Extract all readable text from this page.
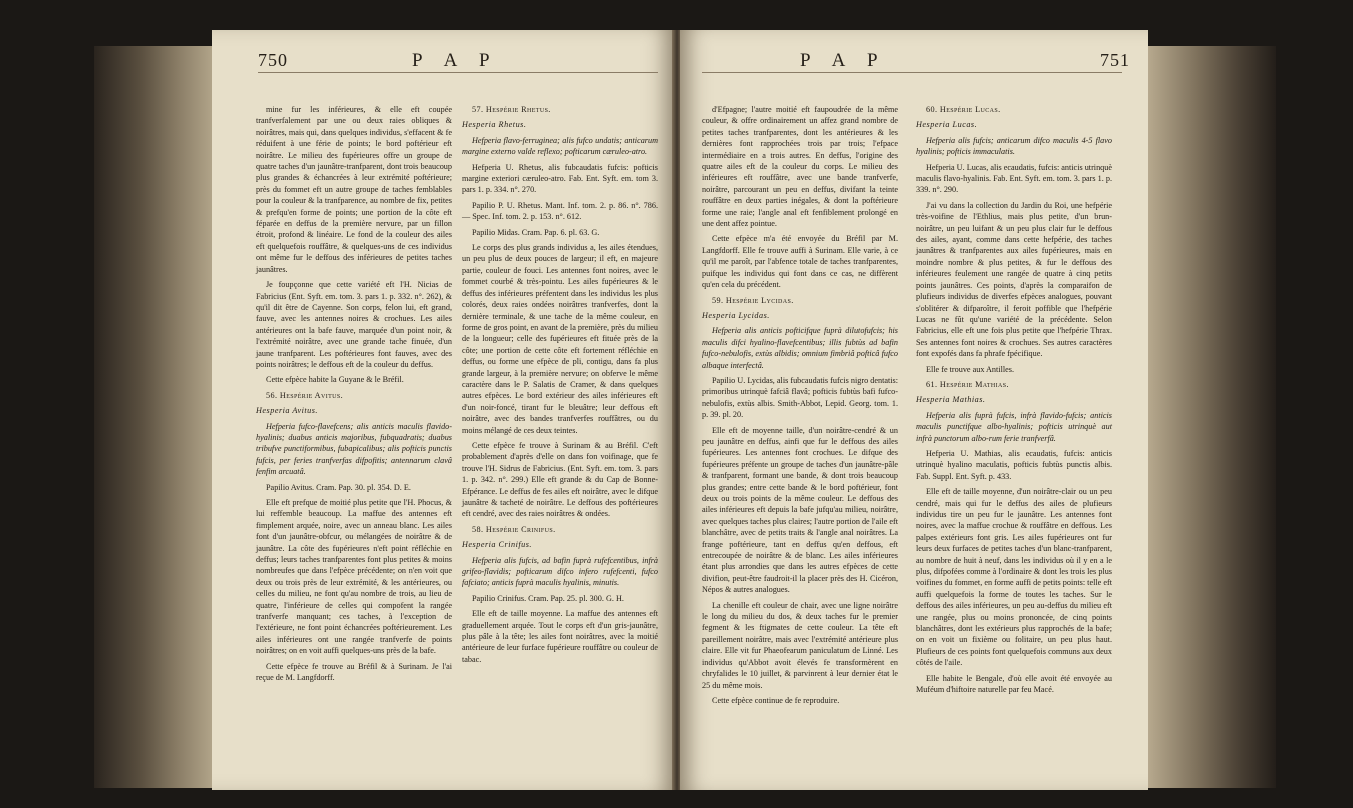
750	P A P

mine fur les inférieures, & elle eft coupée tranfverfalement par une ou deux raies obliques & noirâtres, mais qui, dans quelques individus, s'effacent & fe réduifent à une férie de points; le bord poftérieur eft noirâtre. Le milieu des fupérieures offre un groupe de quatre taches d'un jaunâtre-tranfparent, dont trois beaucoup plus grandes & échancrées à leur extrémité poftérieure; près du fommet eft un autre groupe de taches femblables pour la couleur & la tranfparence, au nombre de fix, petites & prefqu'en forme de points; une portion de la côte eft féparée en deffus de la première nervure, par un fillon étroit, profond & linéaire. Le fond de la couleur des ailes eft quelquefois rouffâtre, & quelques-uns de ces individus ont même fur le deffous des inférieures de petites taches jaunâtres.

Je foupçonne que cette variété eft l'H. Nicias de Fabricius (Ent. Syft. em. tom. 3. pars 1. p. 332. n°. 262), & qu'il dit être de Cayenne. Son corps, felon lui, eft grand, fauve, avec les antennes noires & crochues. Les ailes antérieures ont la bafe fauve, marquée d'un point noir, & l'extrémité noirâtre, avec une grande tache finuée, d'un jaune tranfparent. Les poftérieures font fauves, avec des points noirâtres; le deffous eft de la couleur du deffus.

Cette efpèce habite la Guyane & le Bréfil.

56. Hespérie Avitus.

Hesperia Avitus.

Hefperia fufco-flavefcens; alis anticis maculis flavido-hyalinis; duabus anticis majoribus, fubquadratis; duabus tribufve punctiformibus, fubapicalibus; alis pofticis punctis fufcis, per feries tranfverfas difpofitis; antennarum clavâ fenfim arcuatâ.

Papilio Avitus. Cram. Pap. 30. pl. 354. D. E.

Elle eft prefque de moitié plus petite que l'H. Phocus, & lui reffemble beaucoup. La maffue des antennes eft fimplement arquée, noire, avec un anneau blanc. Les ailes font d'un jaunâtre-obfcur, ou mélangées de noirâtre & de jaunâtre. La côte des fupérieures n'eft point réfléchie en deffus; leurs taches tranfparentes font plus petites & moins nombreufes que dans l'efpèce précédente; on n'en voit que deux ou trois près de leur extrémité, & les antérieures, ou celles du milieu, ne font qu'au nombre de trois, au lieu de quatre, l'inférieure de celles qui compofent la rangée tranfverfe manquant; ces taches, à l'exception de l'extérieure, ne font point échancrées poftérieurement. Les ailes inférieures ont une rangée tranfverfe de points noirâtres; on en voit auffi quelques-uns près de la bafe.

Cette efpèce fe trouve au Bréfil & à Surinam. Je l'ai reçue de M. Langfdorff.

57. Hespérie Rhetus.

Hesperia Rhetus.

Hefperia flavo-ferruginea; alis fufco undatis; anticarum margine externo valde reflexo; pofticarum cæruleo-atro.

Hefperia U. Rhetus, alis fubcaudatis fufcis: pofticis margine exteriori cæruleo-atro. Fab. Ent. Syft. em. tom 3. pars 1. p. 334. n°. 270.

Papilio P. U. Rhetus. Mant. Inf. tom. 2. p. 86. n°. 786. — Spec. Inf. tom. 2. p. 153. n°. 612.

Papilio Midas. Cram. Pap. 6. pl. 63. G.

Le corps des plus grands individus a, les ailes étendues, un peu plus de deux pouces de largeur; il eft, en majeure partie, couleur de fouci. Les antennes font noires, avec le fommet courbé & très-pointu. Les ailes fupérieures & le deffus des inférieures préfentent dans les individus les plus colorés, deux raies ondées noirâtres tranfverfes, dont la dernière terminale, & une tache de la même couleur, en forme de gros point, en avant de la première, près du milieu de la longueur; celle des fupérieures eft fituée près de la côte; une portion de cette côte eft fortement réfléchie en deffus, ou forme une efpèce de pli, contigu, dans fa plus grande largeur, à la première nervure; on obferve le même caractère dans le P. Salatis de Cramer, & dans quelques autres efpèces. Le bord extérieur des ailes inférieures eft d'un noir-foncé, tirant fur le bleuâtre; leur deffous eft noirâtre, avec des bandes tranfverfes rouffâtres, ou du moins mélangé de ces deux teintes.

Cette efpèce fe trouve à Surinam & au Bréfil. C'eft probablement d'après d'elle on dans fon voifinage, que fe trouve l'H. Sidrus de Fabricius. (Ent. Syft. em. tom. 3. pars 1. p. 342. n°. 299.) Elle eft grande & du Cap de Bonne-Efpérance. Le deffus de fes ailes eft noirâtre, avec le difque jaunâtre & tacheté de noirâtre. Le deffous des poftérieures eft cendré, avec des raies noirâtres & ondées.

58. Hespérie Crinifus.

Hesperia Crinifus.

Hefperia alis fufcis, ad bafin fuprà rufefcentibus, infrà grifeo-flavidis; pofticarum difco infero rufefcenti, fufco fafciato; anticis fuprà maculis hyalinis, minutis.

Papilio Crinifus. Cram. Pap. 25. pl. 300. G. H.

Elle eft de taille moyenne. La maffue des antennes eft graduellement arquée. Tout le corps eft d'un gris-jaunâtre, plus pâle à la tête; les ailes font noirâtres, avec la moitié antérieure de leur furface fupérieure rouffâtre ou couleur de tabac.

P A P	751

d'Efpagne; l'autre moitié eft faupoudrée de la même couleur, & offre ordinairement un affez grand nombre de petites taches tranfparentes, dont les antérieures & les dernières font rapprochées trois par trois; l'efpace intermédiaire en a trois autres. En deffus, l'origine des quatre ailes eft de la couleur du corps. Le milieu des inférieures eft rouffâtre, avec une bande tranfverfe, noirâtre, parcourant un peu en deffus, divifant la teinte rouffâtre en deux parties inégales, & dont la poftérieure forme une raie; l'angle anal eft fenfiblement prolongé en une dent affez pointue.

Cette efpèce m'a été envoyée du Bréfil par M. Langfdorff. Elle fe trouve auffi à Surinam. Elle varie, à ce qu'il me paroît, par l'abfence totale de taches tranfparentes, puifque les individus qui font dans ce cas, ne diffèrent qu'en cela du précédent.

59. Hespérie Lycidas.

Hesperia Lycidas.

Hefperia alis anticis pofticifque fuprà dilutofufcis; his maculis difci hyalino-flavefcentibus; illis fubtùs ad bafin fufco-nebulofis, extùs albidis; omnium fimbriâ pofticâ fufco albaque interfectâ.

Papilio U. Lycidas, alis fubcaudatis fufcis nigro dentatis: primoribus utrinquè fafciâ flavâ; pofticis fubtùs bafi fufco-nebulofis, extùs albis. Smith-Abbot, Lepid. Georg. tom. 1. p. 39. pl. 20.

Elle eft de moyenne taille, d'un noirâtre-cendré & un peu jaunâtre en deffus, ainfi que fur le deffous des ailes fupérieures. Les antennes font crochues. Le difque des fupérieures préfente un groupe de taches d'un jaunâtre-pâle & tranfparent, formant une bande, & dont trois beaucoup plus grandes; entre cette bande & le bord poftérieur, font deux ou trois points de la même couleur. Le deffous des ailes inférieures eft depuis la bafe jufqu'au milieu, noirâtre, avec quelques taches plus claires; l'autre portion de l'aile eft blanchâtre, avec de petits traits & l'angle anal noirâtres. La frange poftérieure, tant en deffus qu'en deffous, eft entrecoupée de noirâtre & de blanc. Les ailes inférieures étant plus arrondies que dans les autres efpèces de cette divifion, peut-être faudroit-il la placer près des H. Cicéron, Népos & autres analogues.

La chenille eft couleur de chair, avec une ligne noirâtre le long du milieu du dos, & deux taches fur le premier fegment & les ftigmates de cette couleur. La tête eft pareillement noirâtre, mais avec l'extrémité antérieure plus claire. Elle vit fur Phaeofearum paniculatum de Linné. Les individus qu'Abbot avoit élevés fe transformèrent en chryfalides le 10 juillet, & parvinrent à leur dernier état le 25 du même mois.

Cette efpèce continue de fe reproduire.

60. Hespérie Lucas.

Hesperia Lucas.

Hefperia alis fufcis; anticarum difco maculis 4-5 flavo hyalinis; pofticis immaculatis.

Hefperia U. Lucas, alis ecaudatis, fufcis: anticis utrinquè maculis flavo-hyalinis. Fab. Ent. Syft. em. tom. 3. pars 1. p. 339. n°. 290.

J'ai vu dans la collection du Jardin du Roi, une hefpérie très-voifine de l'Ethlius, mais plus petite, d'un brun-noirâtre, un peu luifant & un peu plus clair fur le deffous des ailes, ayant, comme dans cette hefpérie, des taches jaunâtres & tranfparentes aux ailes fupérieures, mais en moindre nombre & plus petites, & fur le deffous des inférieures feulement une rangée de quatre à cinq petits points jaunâtres. Ces points, d'après la comparaifon de plufieurs individus de diverfes efpèces analogues, pouvant s'oblitérer & difparoître, il feroit poffible que l'hefpérie Lucas ne fût qu'une variété de la précédente. Selon Fabricius, elle eft une fois plus petite que l'hefpérie Thrax. Ses antennes font noires & crochues. Ses autres caractères font expofés dans fa phrafe fpécifique.

Elle fe trouve aux Antilles.

61. Hespérie Mathias.

Hesperia Mathias.

Hefperia alis fuprà fufcis, infrà flavido-fufcis; anticis maculis punctifque albo-hyalinis; pofticis utrinquè aut infrà punctorum albo-rum ferie tranfverfâ.

Hefperia U. Mathias, alis ecaudatis, fufcis: anticis utrinquè hyalino maculatis, pofticis fubtùs punctis albis. Fab. Suppl. Ent. Syft. p. 433.

Elle eft de taille moyenne, d'un noirâtre-clair ou un peu cendré, mais qui fur le deffus des ailes de plufieurs individus tire un peu fur le jaunâtre. Les antennes font noires, avec la maffue crochue & rouffâtre en deffous. Les palpes extérieurs font gris. Les ailes fupérieures ont fur leurs deux furfaces de petites taches d'un blanc-tranfparent, au nombre de huit à neuf, dans les individus où il y en a le plus, difpofées comme à l'ordinaire & dont les trois les plus voifines du fommet, en forme auffi de petits points: telle eft auffi quelquefois la forme de toutes les taches. Sur le deffous des ailes inférieures, un peu au-deffus du milieu eft une rangée, plus ou moins prononcée, de cinq points blanchâtres, dont les extérieurs plus rapprochés de la bafe; on en voit un fixième ou folitaire, un peu plus haut. Plufieurs de ces points font quelquefois communs aux deux côtés de l'aile.

Elle habite le Bengale, d'où elle avoit été envoyée au Muféum d'hiftoire naturelle par feu Macé.
